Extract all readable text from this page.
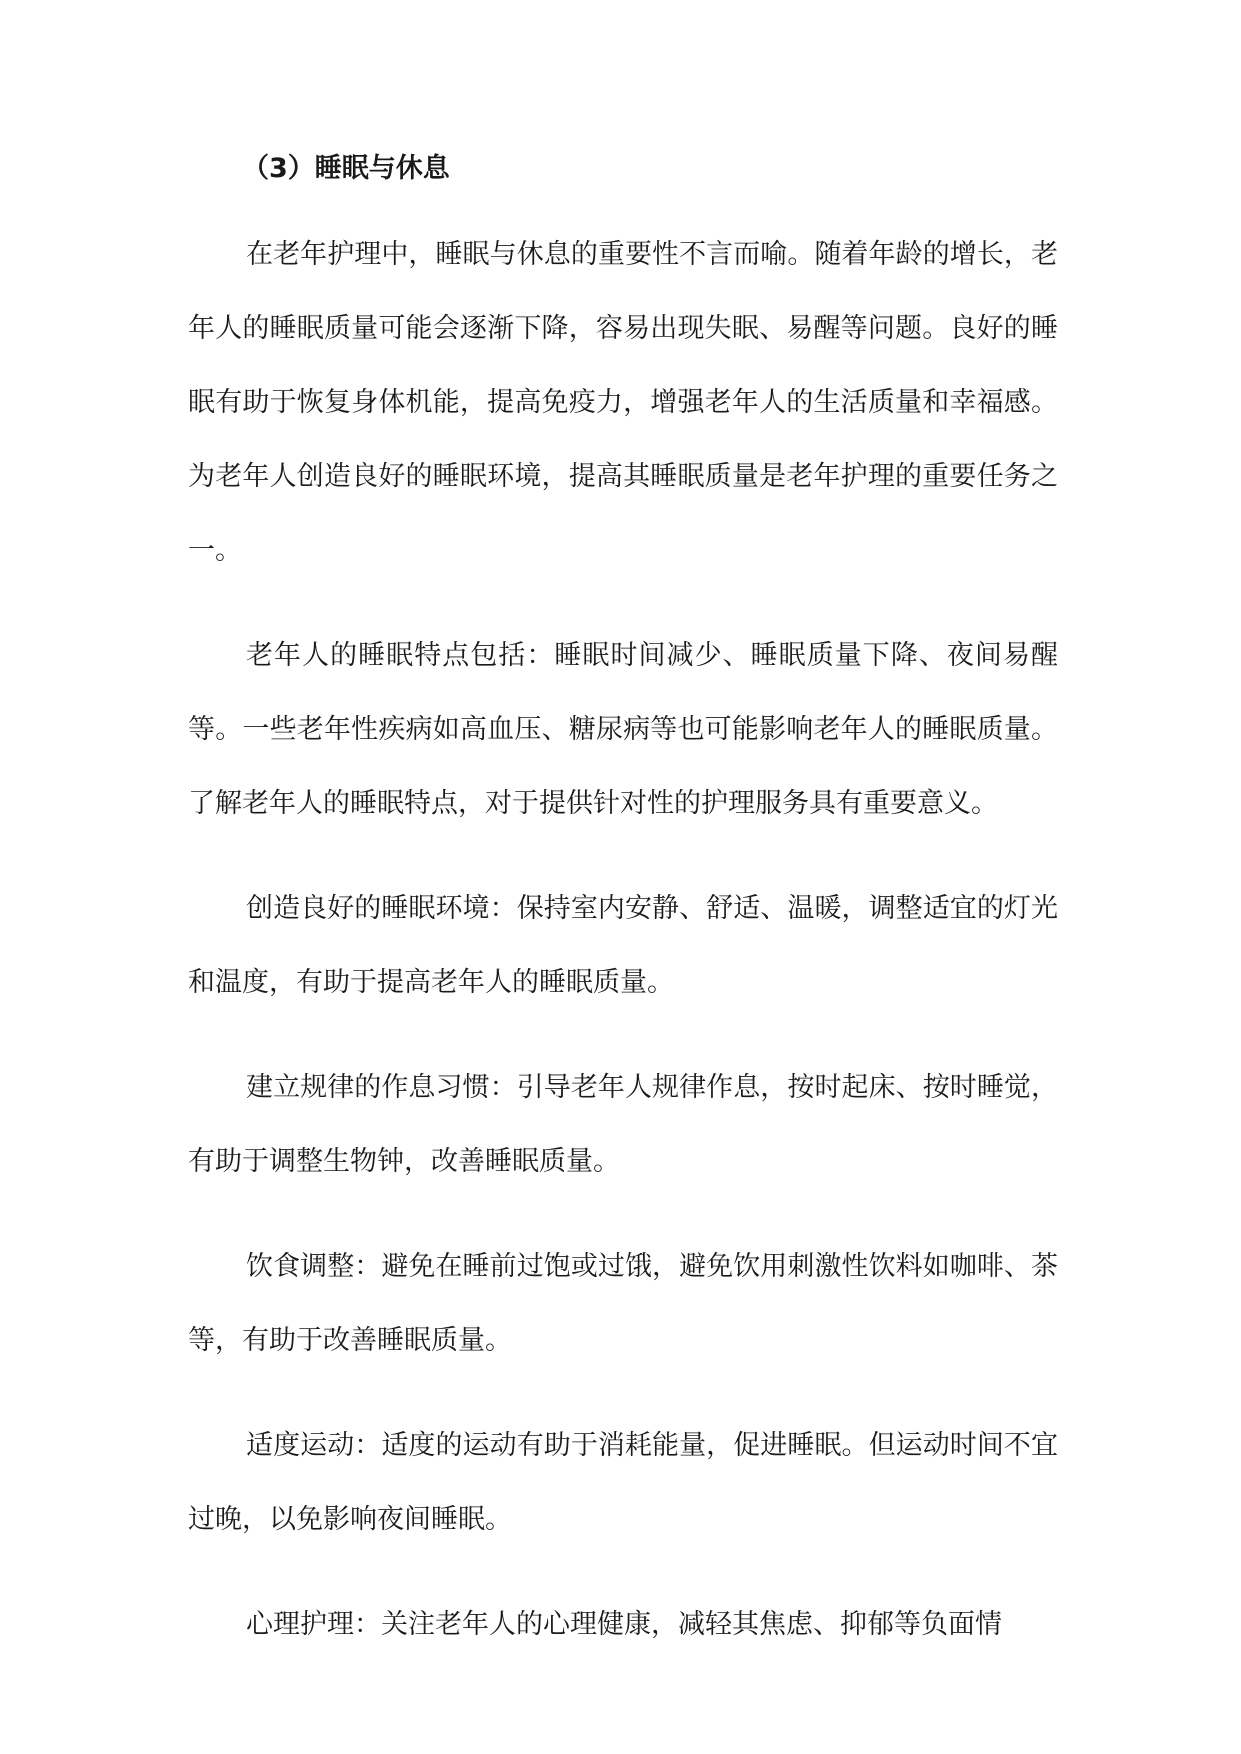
（3）睡眠与休息

在老年护理中，睡眠与休息的重要性不言而喻。随着年龄的增长，老年人的睡眠质量可能会逐渐下降，容易出现失眠、易醒等问题。良好的睡眠有助于恢复身体机能，提高免疫力，增强老年人的生活质量和幸福感。为老年人创造良好的睡眠环境，提高其睡眠质量是老年护理的重要任务之一。

老年人的睡眠特点包括：睡眠时间减少、睡眠质量下降、夜间易醒等。一些老年性疾病如高血压、糖尿病等也可能影响老年人的睡眠质量。了解老年人的睡眠特点，对于提供针对性的护理服务具有重要意义。

创造良好的睡眠环境：保持室内安静、舒适、温暖，调整适宜的灯光和温度，有助于提高老年人的睡眠质量。

建立规律的作息习惯：引导老年人规律作息，按时起床、按时睡觉，有助于调整生物钟，改善睡眠质量。

饮食调整：避免在睡前过饱或过饿，避免饮用刺激性饮料如咖啡、茶等，有助于改善睡眠质量。

适度运动：适度的运动有助于消耗能量，促进睡眠。但运动时间不宜过晚，以免影响夜间睡眠。

心理护理：关注老年人的心理健康，减轻其焦虑、抑郁等负面情
